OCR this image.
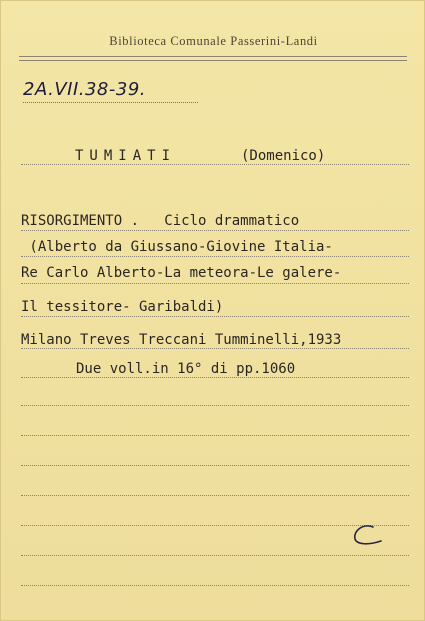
Biblioteca Comunale Passerini-Landi
2A.VII.38-39.
TUMIATI	(Domenico)
RISORGIMENTO .   Ciclo drammatico
(Alberto da Giussano-Giovine Italia-
Re Carlo Alberto-La meteora-Le galere-
Il tessitore- Garibaldi)
Milano Treves Treccani Tumminelli,1933
Due voll.in 16° di pp.1060
